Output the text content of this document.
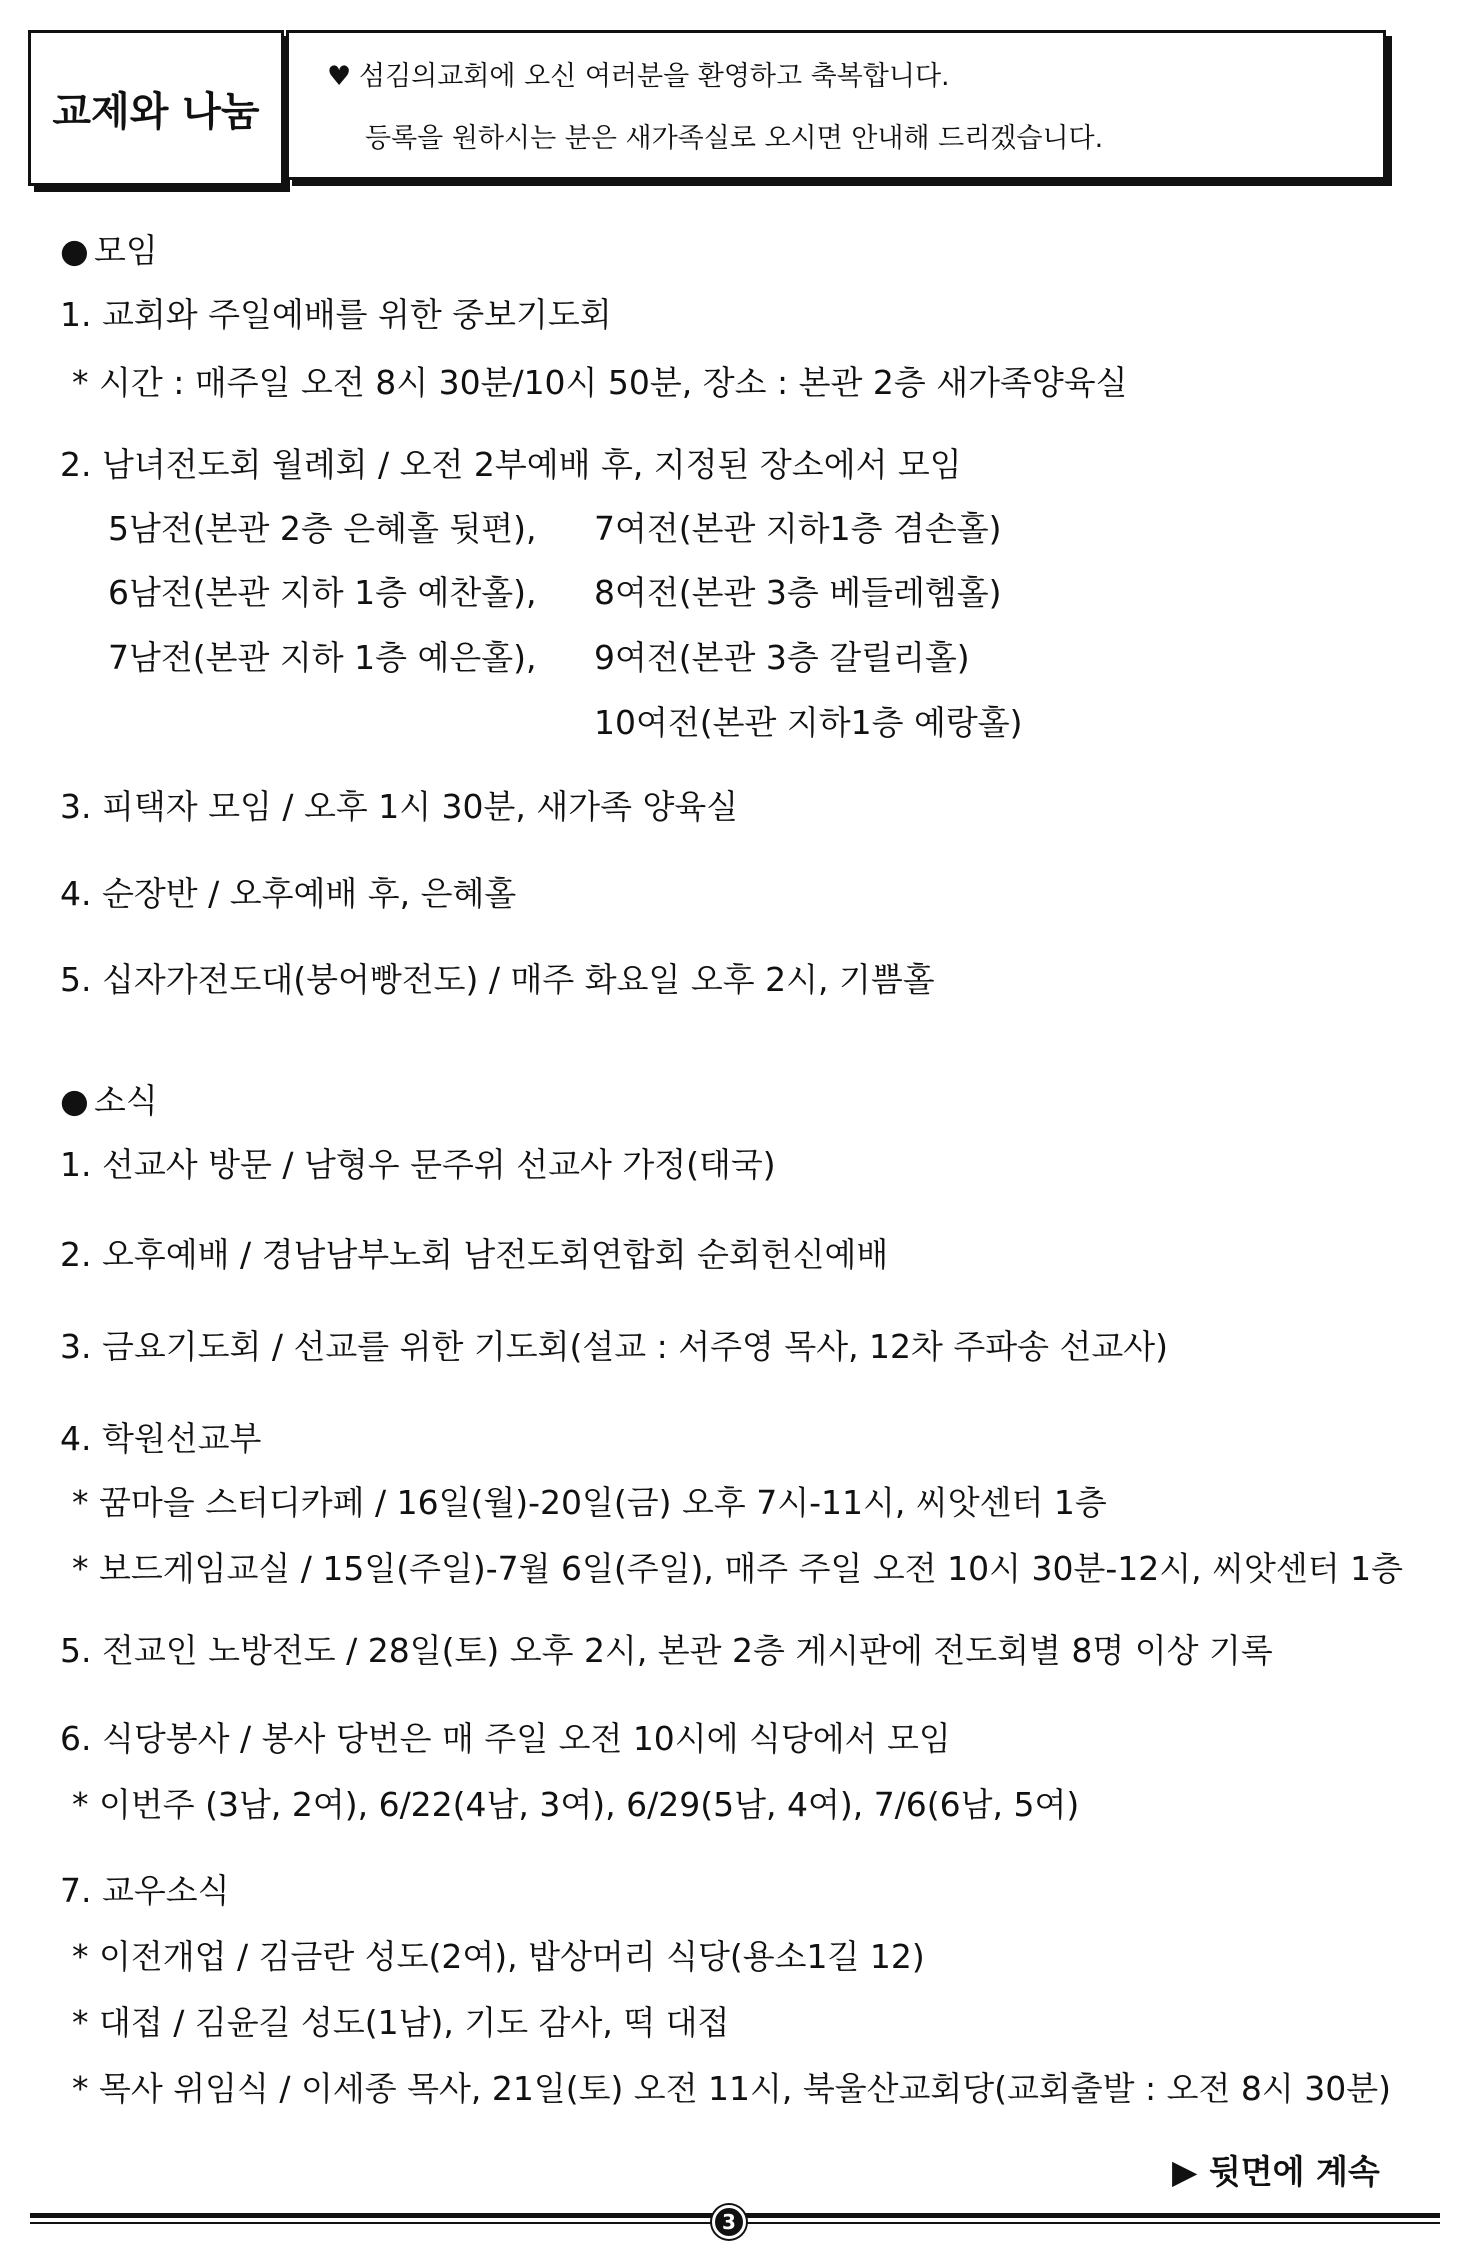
교제와 나눔
♥ 섬김의교회에 오신 여러분을 환영하고 축복합니다.
등록을 원하시는 분은 새가족실로 오시면 안내해 드리겠습니다.
● 모임
1. 교회와 주일예배를 위한 중보기도회
* 시간 : 매주일 오전 8시 30분/10시 50분, 장소 : 본관 2층 새가족양육실
2. 남녀전도회 월례회 / 오전 2부예배 후, 지정된 장소에서 모임
5남전(본관 2층 은혜홀 뒷편), 7여전(본관 지하1층 겸손홀)
6남전(본관 지하 1층 예찬홀), 8여전(본관 3층 베들레헴홀)
7남전(본관 지하 1층 예은홀), 9여전(본관 3층 갈릴리홀)
10여전(본관 지하1층 예랑홀)
3. 피택자 모임 / 오후 1시 30분, 새가족 양육실
4. 순장반 / 오후예배 후, 은혜홀
5. 십자가전도대(붕어빵전도) / 매주 화요일 오후 2시, 기쁨홀
● 소식
1. 선교사 방문 / 남형우 문주위 선교사 가정(태국)
2. 오후예배 / 경남남부노회 남전도회연합회 순회헌신예배
3. 금요기도회 / 선교를 위한 기도회(설교 : 서주영 목사, 12차 주파송 선교사)
4. 학원선교부
* 꿈마을 스터디카페 / 16일(월)-20일(금) 오후 7시-11시, 씨앗센터 1층
* 보드게임교실 / 15일(주일)-7월 6일(주일), 매주 주일 오전 10시 30분-12시, 씨앗센터 1층
5. 전교인 노방전도 / 28일(토) 오후 2시, 본관 2층 게시판에 전도회별 8명 이상 기록
6. 식당봉사 / 봉사 당번은 매 주일 오전 10시에 식당에서 모임
* 이번주 (3남, 2여), 6/22(4남, 3여), 6/29(5남, 4여), 7/6(6남, 5여)
7. 교우소식
* 이전개업 / 김금란 성도(2여), 밥상머리 식당(용소1길 12)
* 대접 / 김윤길 성도(1남), 기도 감사, 떡 대접
* 목사 위임식 / 이세종 목사, 21일(토) 오전 11시, 북울산교회당(교회출발 : 오전 8시 30분)
▶ 뒷면에 계속
3
